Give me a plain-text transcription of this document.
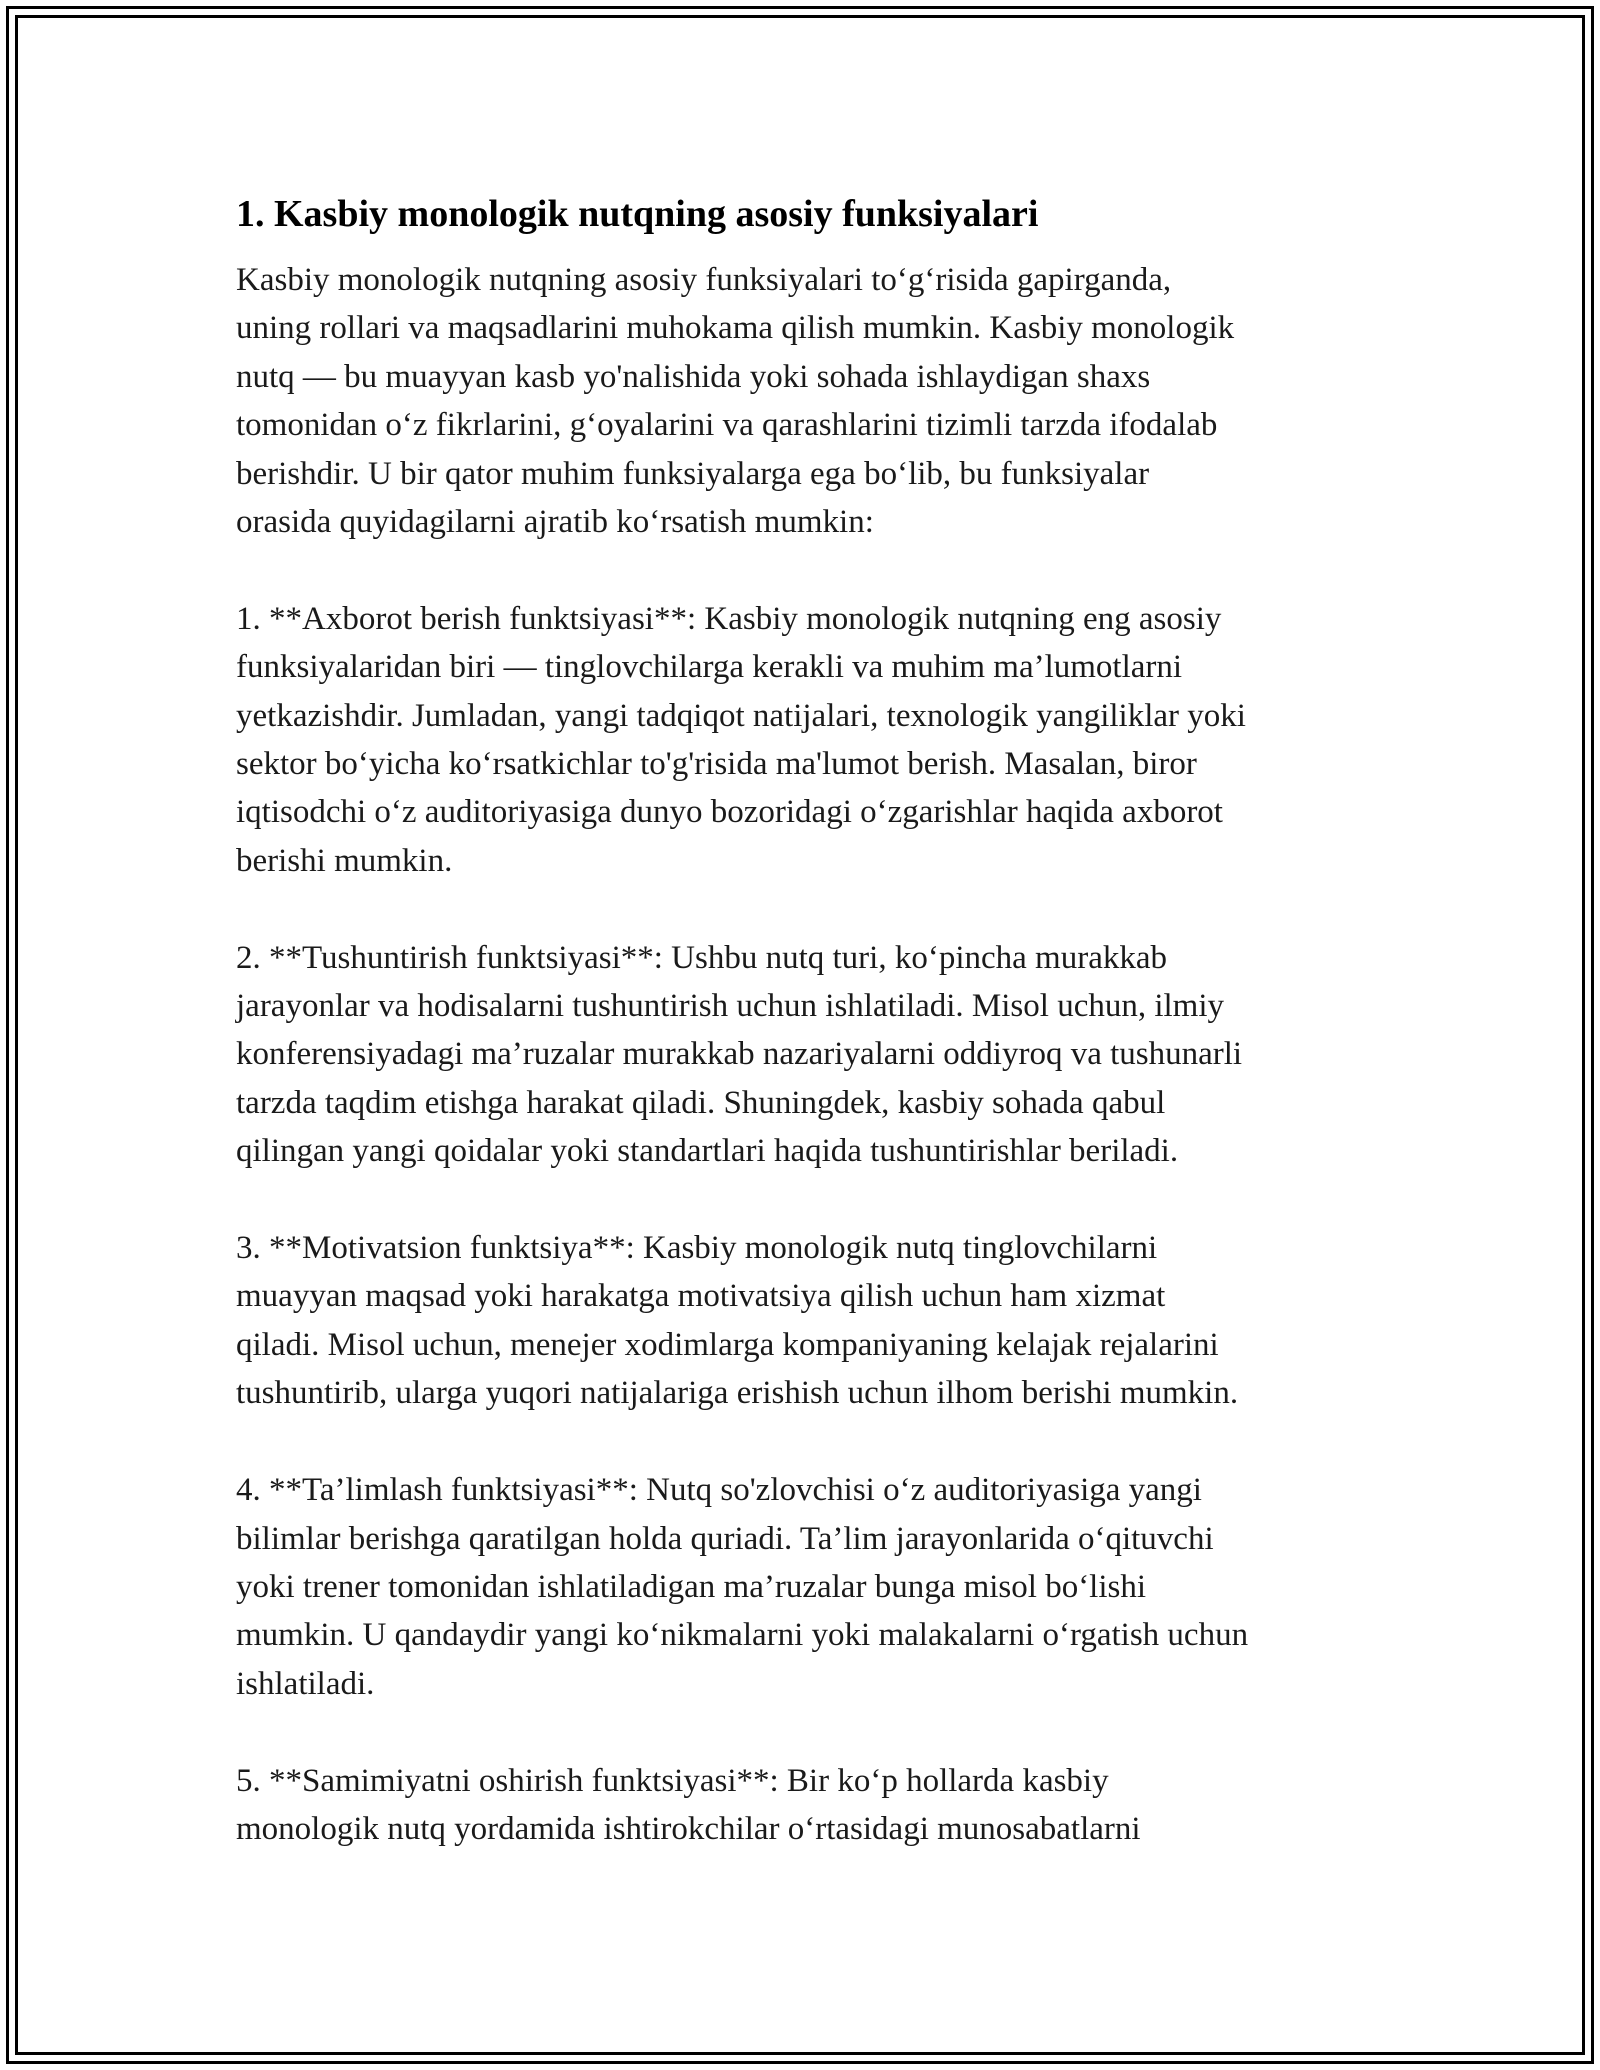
1. Kasbiy monologik nutqning asosiy funksiyalari

Kasbiy monologik nutqning asosiy funksiyalari to‘g‘risida gapirganda,
uning rollari va maqsadlarini muhokama qilish mumkin. Kasbiy monologik
nutq — bu muayyan kasb yo'nalishida yoki sohada ishlaydigan shaxs
tomonidan o‘z fikrlarini, g‘oyalarini va qarashlarini tizimli tarzda ifodalab
berishdir. U bir qator muhim funksiyalarga ega bo‘lib, bu funksiyalar
orasida quyidagilarni ajratib ko‘rsatish mumkin:

1. **Axborot berish funktsiyasi**: Kasbiy monologik nutqning eng asosiy
funksiyalaridan biri — tinglovchilarga kerakli va muhim ma’lumotlarni
yetkazishdir. Jumladan, yangi tadqiqot natijalari, texnologik yangiliklar yoki
sektor bo‘yicha ko‘rsatkichlar to'g'risida ma'lumot berish. Masalan, biror
iqtisodchi o‘z auditoriyasiga dunyo bozoridagi o‘zgarishlar haqida axborot
berishi mumkin.

2. **Tushuntirish funktsiyasi**: Ushbu nutq turi, ko‘pincha murakkab
jarayonlar va hodisalarni tushuntirish uchun ishlatiladi. Misol uchun, ilmiy
konferensiyadagi ma’ruzalar murakkab nazariyalarni oddiyroq va tushunarli
tarzda taqdim etishga harakat qiladi. Shuningdek, kasbiy sohada qabul
qilingan yangi qoidalar yoki standartlari haqida tushuntirishlar beriladi.

3. **Motivatsion funktsiya**: Kasbiy monologik nutq tinglovchilarni
muayyan maqsad yoki harakatga motivatsiya qilish uchun ham xizmat
qiladi. Misol uchun, menejer xodimlarga kompaniyaning kelajak rejalarini
tushuntirib, ularga yuqori natijalariga erishish uchun ilhom berishi mumkin.

4. **Ta’limlash funktsiyasi**: Nutq so'zlovchisi o‘z auditoriyasiga yangi
bilimlar berishga qaratilgan holda quriadi. Ta’lim jarayonlarida o‘qituvchi
yoki trener tomonidan ishlatiladigan ma’ruzalar bunga misol bo‘lishi
mumkin. U qandaydir yangi ko‘nikmalarni yoki malakalarni o‘rgatish uchun
ishlatiladi.

5. **Samimiyatni oshirish funktsiyasi**: Bir ko‘p hollarda kasbiy
monologik nutq yordamida ishtirokchilar o‘rtasidagi munosabatlarni
